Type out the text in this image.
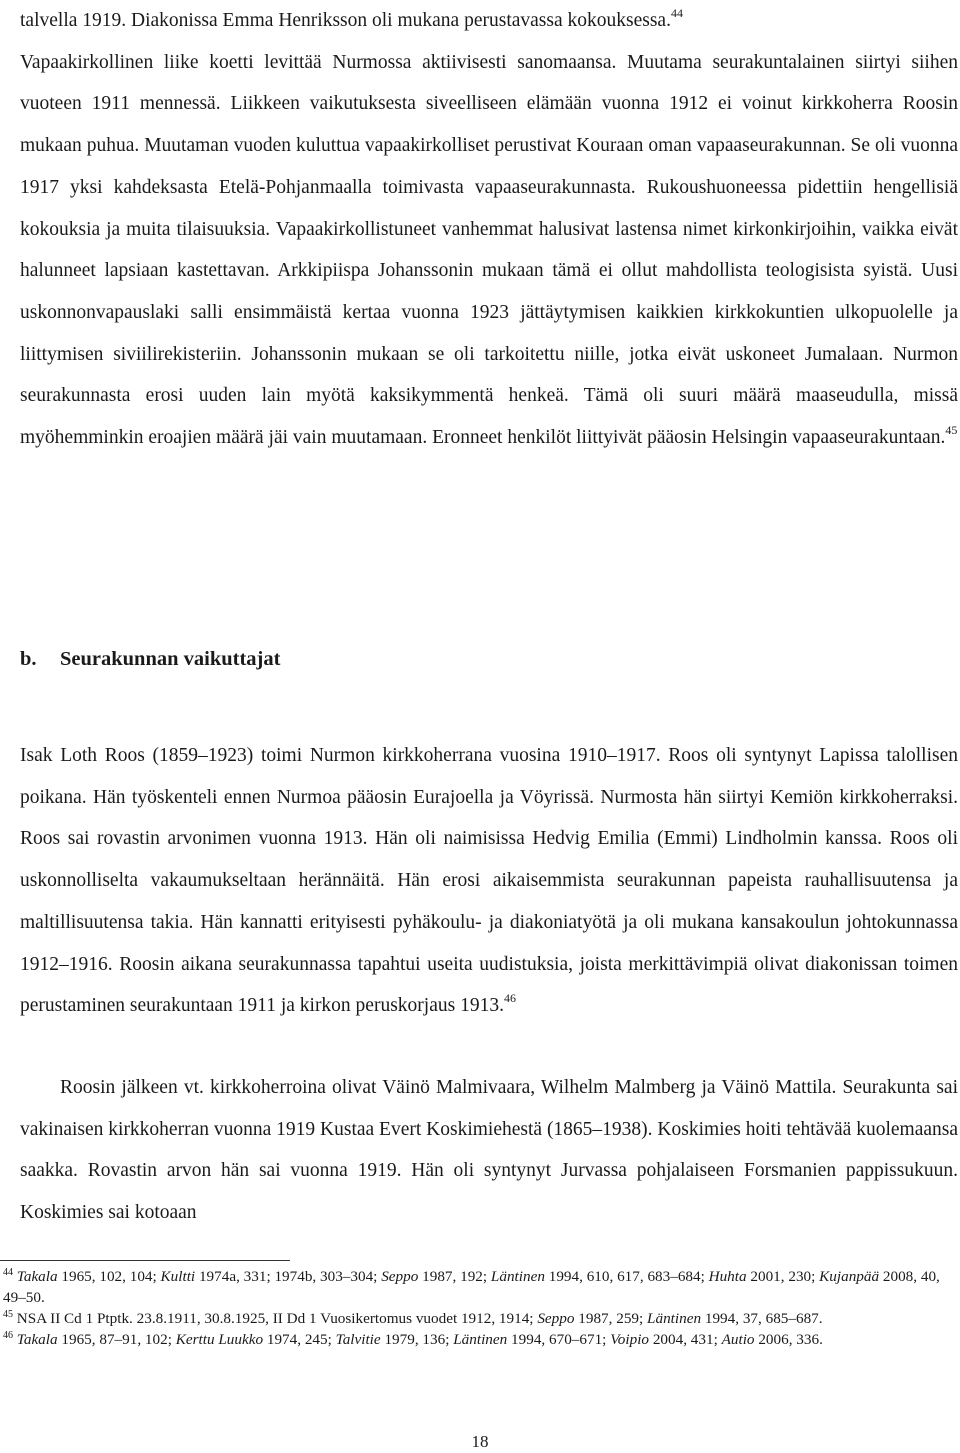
talvella 1919. Diakonissa Emma Henriksson oli mukana perustavassa kokouksessa.$^{44}$

Vapaakirkollinen liike koetti levittää Nurmossa aktiivisesti sanomaansa. Muutama seurakuntalainen siirtyi siihen vuoteen 1911 mennessä. Liikkeen vaikutuksesta siveelliseen elämään vuonna 1912 ei voinut kirkkoherra Roosin mukaan puhua. Muutaman vuoden kuluttua vapaakirkolliset perustivat Kouraan oman vapaaseurakunnan. Se oli vuonna 1917 yksi kahdeksasta Etelä-Pohjanmaalla toimivasta vapaaseurakunnasta. Rukoushuoneessa pidettiin hengellisiä kokouksia ja muita tilaisuuksia. Vapaakirkollistuneet vanhemmat halusivat lastensa nimet kirkonkirjoihin, vaikka eivät halunneet lapsiaan kastettavan. Arkkipiispa Johanssonin mukaan tämä ei ollut mahdollista teologisista syistä. Uusi uskonnonvapauslaki salli ensimmäistä kertaa vuonna 1923 jättäytymisen kaikkien kirkkokuntien ulkopuolelle ja liittymisen siviilirekisteriin. Johanssonin mukaan se oli tarkoitettu niille, jotka eivät uskoneet Jumalaan. Nurmon seurakunnasta erosi uuden lain myötä kaksikymmentä henkeä. Tämä oli suuri määrä maaseudulla, missä myöhemminkin eroajien määrä jäi vain muutamaan. Eronneet henkilöt liittyivät pääosin Helsingin vapaaseurakuntaan.$^{45}$

b. Seurakunnan vaikuttajat

Isak Loth Roos (1859–1923) toimi Nurmon kirkkoherrana vuosina 1910–1917. Roos oli syntynyt Lapissa talollisen poikana. Hän työskenteli ennen Nurmoa pääosin Eurajoella ja Vöyrissä. Nurmosta hän siirtyi Kemiön kirkkoherraksi. Roos sai rovastin arvonimen vuonna 1913. Hän oli naimisissa Hedvig Emilia (Emmi) Lindholmin kanssa. Roos oli uskonnolliselta vakaumukseltaan herännäitä. Hän erosi aikaisemmista seurakunnan papeista rauhallisuutensa ja maltillisuutensa takia. Hän kannatti erityisesti pyhäkoulu- ja diakoniatyötä ja oli mukana kansakoulun johtokunnassa 1912–1916. Roosin aikana seurakunnassa tapahtui useita uudistuksia, joista merkittävimpiä olivat diakonissan toimen perustaminen seurakuntaan 1911 ja kirkon peruskorjaus 1913.46

Roosin jälkeen vt. kirkkoherroina olivat Väinö Malmivaara, Wilhelm Malmberg ja Väinö Mattila. Seurakunta sai vakinaisen kirkkoherran vuonna 1919 Kustaa Evert Koskimiehestä (1865–1938). Koskimies hoiti tehtävää kuolemaansa saakka. Rovastin arvon hän sai vuonna 1919. Hän oli syntynyt Jurvassa pohjalaiseen Forsmanien pappissukuun. Koskimies sai kotoaan

$^{44}$ Takala 1965, 102, 104; Kultti 1974a, 331; 1974b, 303–304; Seppo 1987, 192; Läntinen 1994, 610, 617, 683–684; Huhta 2001, 230; Kujanpää 2008, 40, 49–50.

$^{45}$ NSA II Cd 1 Ptptk. 23.8.1911, 30.8.1925, II Dd 1 Vuosikertomus vuodet 1912, 1914; Seppo 1987, 259; Läntinen 1994, 37, 685–687.

$^{46}$ Takala 1965, 87–91, 102; Kerttu Luukko 1974, 245; Talvitie 1979, 136; Läntinen 1994, 670–671; Voipio 2004, 431; Autio 2006, 336.

18
